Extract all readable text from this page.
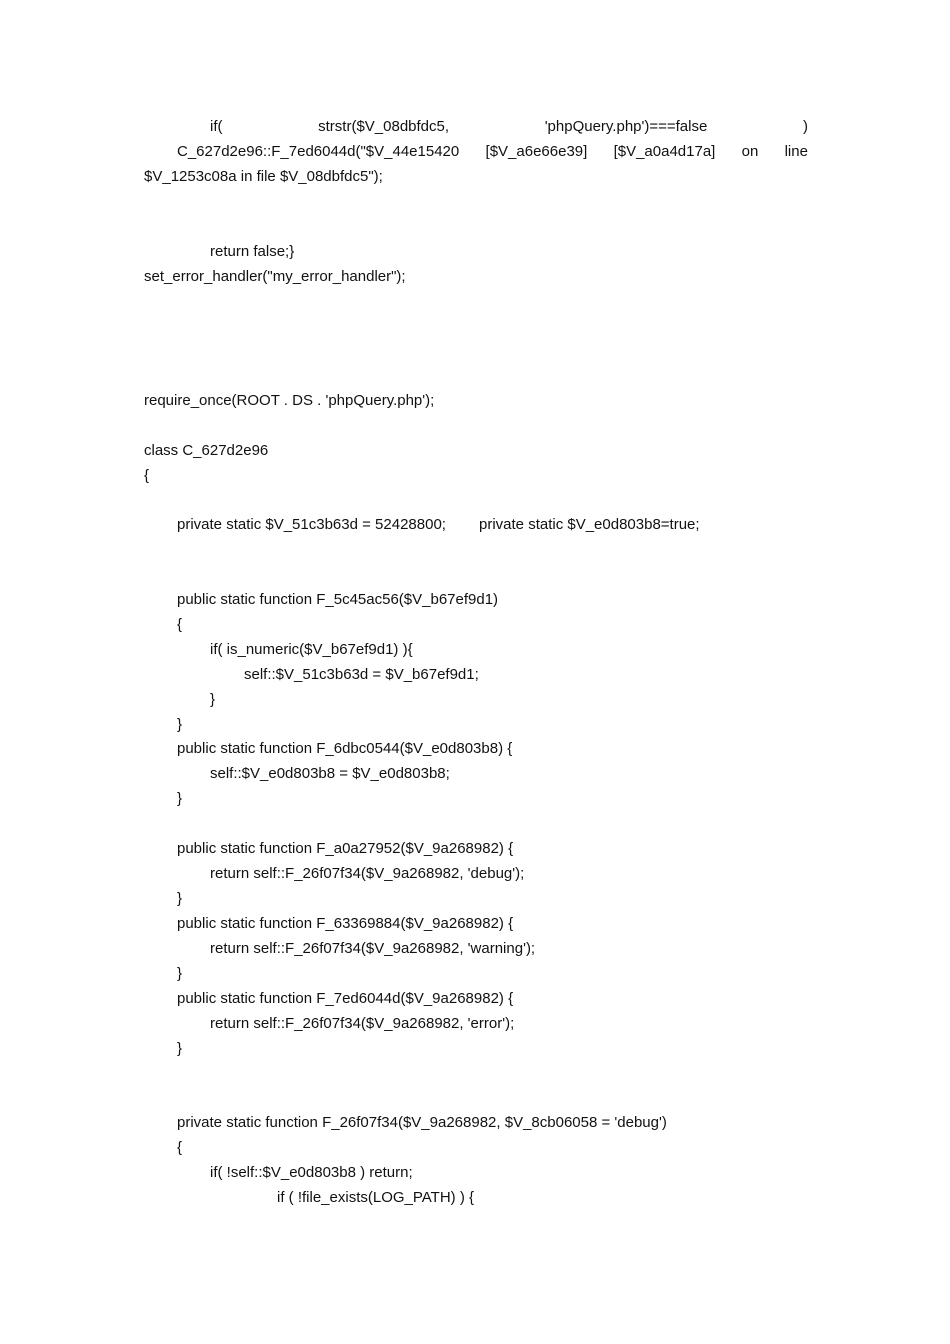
if(	strstr($V_08dbfdc5,	'phpQuery.php')===false	)
C_627d2e96::F_7ed6044d("$V_44e15420 [$V_a6e66e39] [$V_a0a4d17a] on line
$V_1253c08a in file $V_08dbfdc5");
return false;}
set_error_handler("my_error_handler");
require_once(ROOT . DS . 'phpQuery.php');
class C_627d2e96
{
private static $V_51c3b63d = 52428800; private static $V_e0d803b8=true;
public static function F_5c45ac56($V_b67ef9d1)
{
if( is_numeric($V_b67ef9d1) ){
self::$V_51c3b63d = $V_b67ef9d1;
}
}
public static function F_6dbc0544($V_e0d803b8) {
self::$V_e0d803b8 = $V_e0d803b8;
}
public static function F_a0a27952($V_9a268982) {
return self::F_26f07f34($V_9a268982, 'debug');
}
public static function F_63369884($V_9a268982) {
return self::F_26f07f34($V_9a268982, 'warning');
}
public static function F_7ed6044d($V_9a268982) {
return self::F_26f07f34($V_9a268982, 'error');
}
private static function F_26f07f34($V_9a268982, $V_8cb06058 = 'debug')
{
if( !self::$V_e0d803b8 ) return;
if ( !file_exists(LOG_PATH) ) {
